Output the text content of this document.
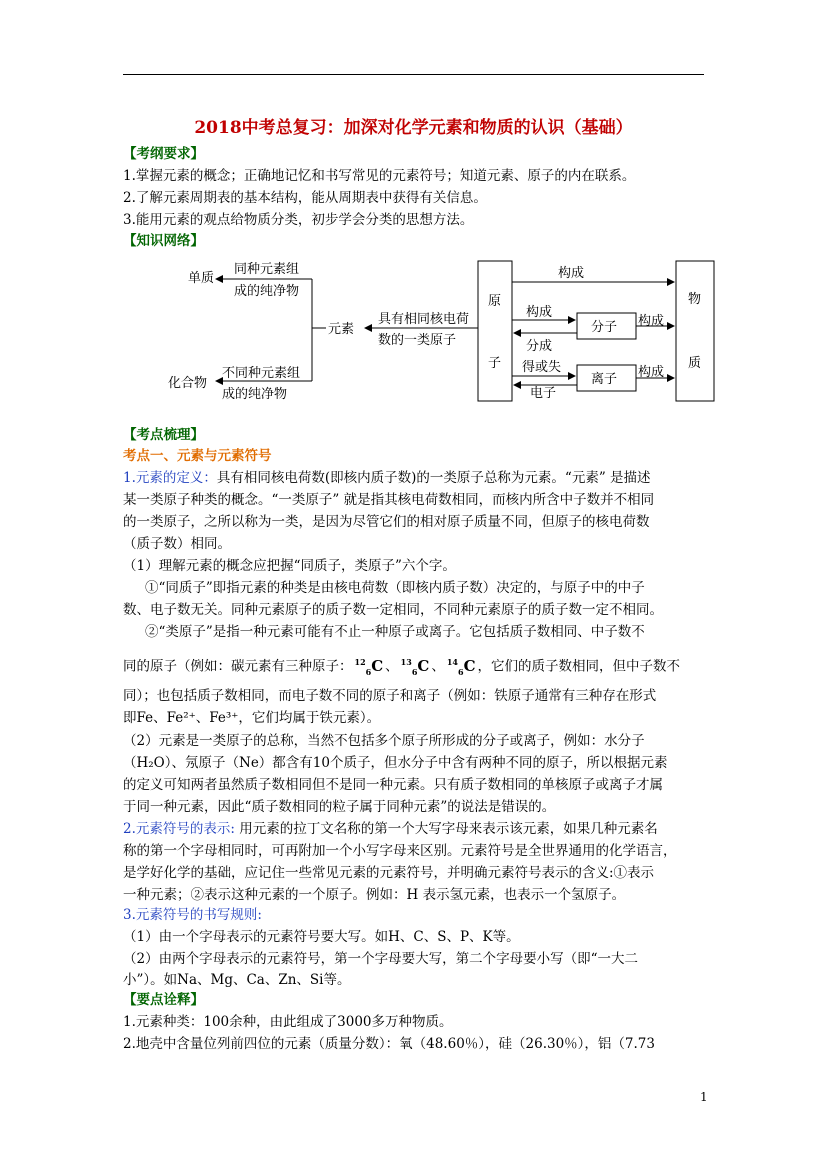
2018中考总复习：加深对化学元素和物质的认识（基础）
【考纲要求】
1.掌握元素的概念；正确地记忆和书写常见的元素符号；知道元素、原子的内在联系。
2.了解元素周期表的基本结构，能从周期表中获得有关信息。
3.能用元素的观点给物质分类，初步学会分类的思想方法。
【知识网络】
单质
同种元素组
成的纯净物
化合物
不同种元素组
成的纯净物
元素
具有相同核电荷
数的一类原子
原
子
物
质
构成
分子
构成
分成
构成
离子
得或失
电子
构成
【考点梳理】
考点一、元素与元素符号
1.元素的定义：具有相同核电荷数(即核内质子数)的一类原子总称为元素。“元素” 是描述
某一类原子种类的概念。“一类原子” 就是指其核电荷数相同，而核内所含中子数并不相同
的一类原子，之所以称为一类，是因为尽管它们的相对原子质量不同，但原子的核电荷数
（质子数）相同。
（1）理解元素的概念应把握“同质子，类原子”六个字。
①“同质子”即指元素的种类是由核电荷数（即核内质子数）决定的，与原子中的中子
数、电子数无关。同种元素原子的质子数一定相同，不同种元素原子的质子数一定不相同。
②“类原子”是指一种元素可能有不止一种原子或离子。它包括质子数相同、中子数不
同的原子（例如：碳元素有三种原子： $^{12}_6$C 、 $^{13}_6$C 、 $^{14}_6$C ，它们的质子数相同，但中子数不
同）；也包括质子数相同，而电子数不同的原子和离子（例如：铁原子通常有三种存在形式
即Fe、Fe²⁺、Fe³⁺，它们均属于铁元素）。
（2）元素是一类原子的总称，当然不包括多个原子所形成的分子或离子，例如：水分子
（H₂O）、氖原子（Ne）都含有10个质子，但水分子中含有两种不同的原子，所以根据元素
的定义可知两者虽然质子数相同但不是同一种元素。只有质子数相同的单核原子或离子才属
于同一种元素，因此“质子数相同的粒子属于同种元素”的说法是错误的。
2.元素符号的表示: 用元素的拉丁文名称的第一个大写字母来表示该元素，如果几种元素名
称的第一个字母相同时，可再附加一个小写字母来区别。元素符号是全世界通用的化学语言，
是学好化学的基础，应记住一些常见元素的元素符号，并明确元素符号表示的含义:①表示
一种元素；②表示这种元素的一个原子。例如：H 表示氢元素，也表示一个氢原子。
3.元素符号的书写规则:
（1）由一个字母表示的元素符号要大写。如H、C、S、P、K等。
（2）由两个字母表示的元素符号，第一个字母要大写，第二个字母要小写（即“一大二
小”）。如Na、Mg、Ca、Zn、Si等。
【要点诠释】
1.元素种类：100余种，由此组成了3000多万种物质。
2.地壳中含量位列前四位的元素（质量分数）：氧（48.60％），硅（26.30％），铝（7.73
1
